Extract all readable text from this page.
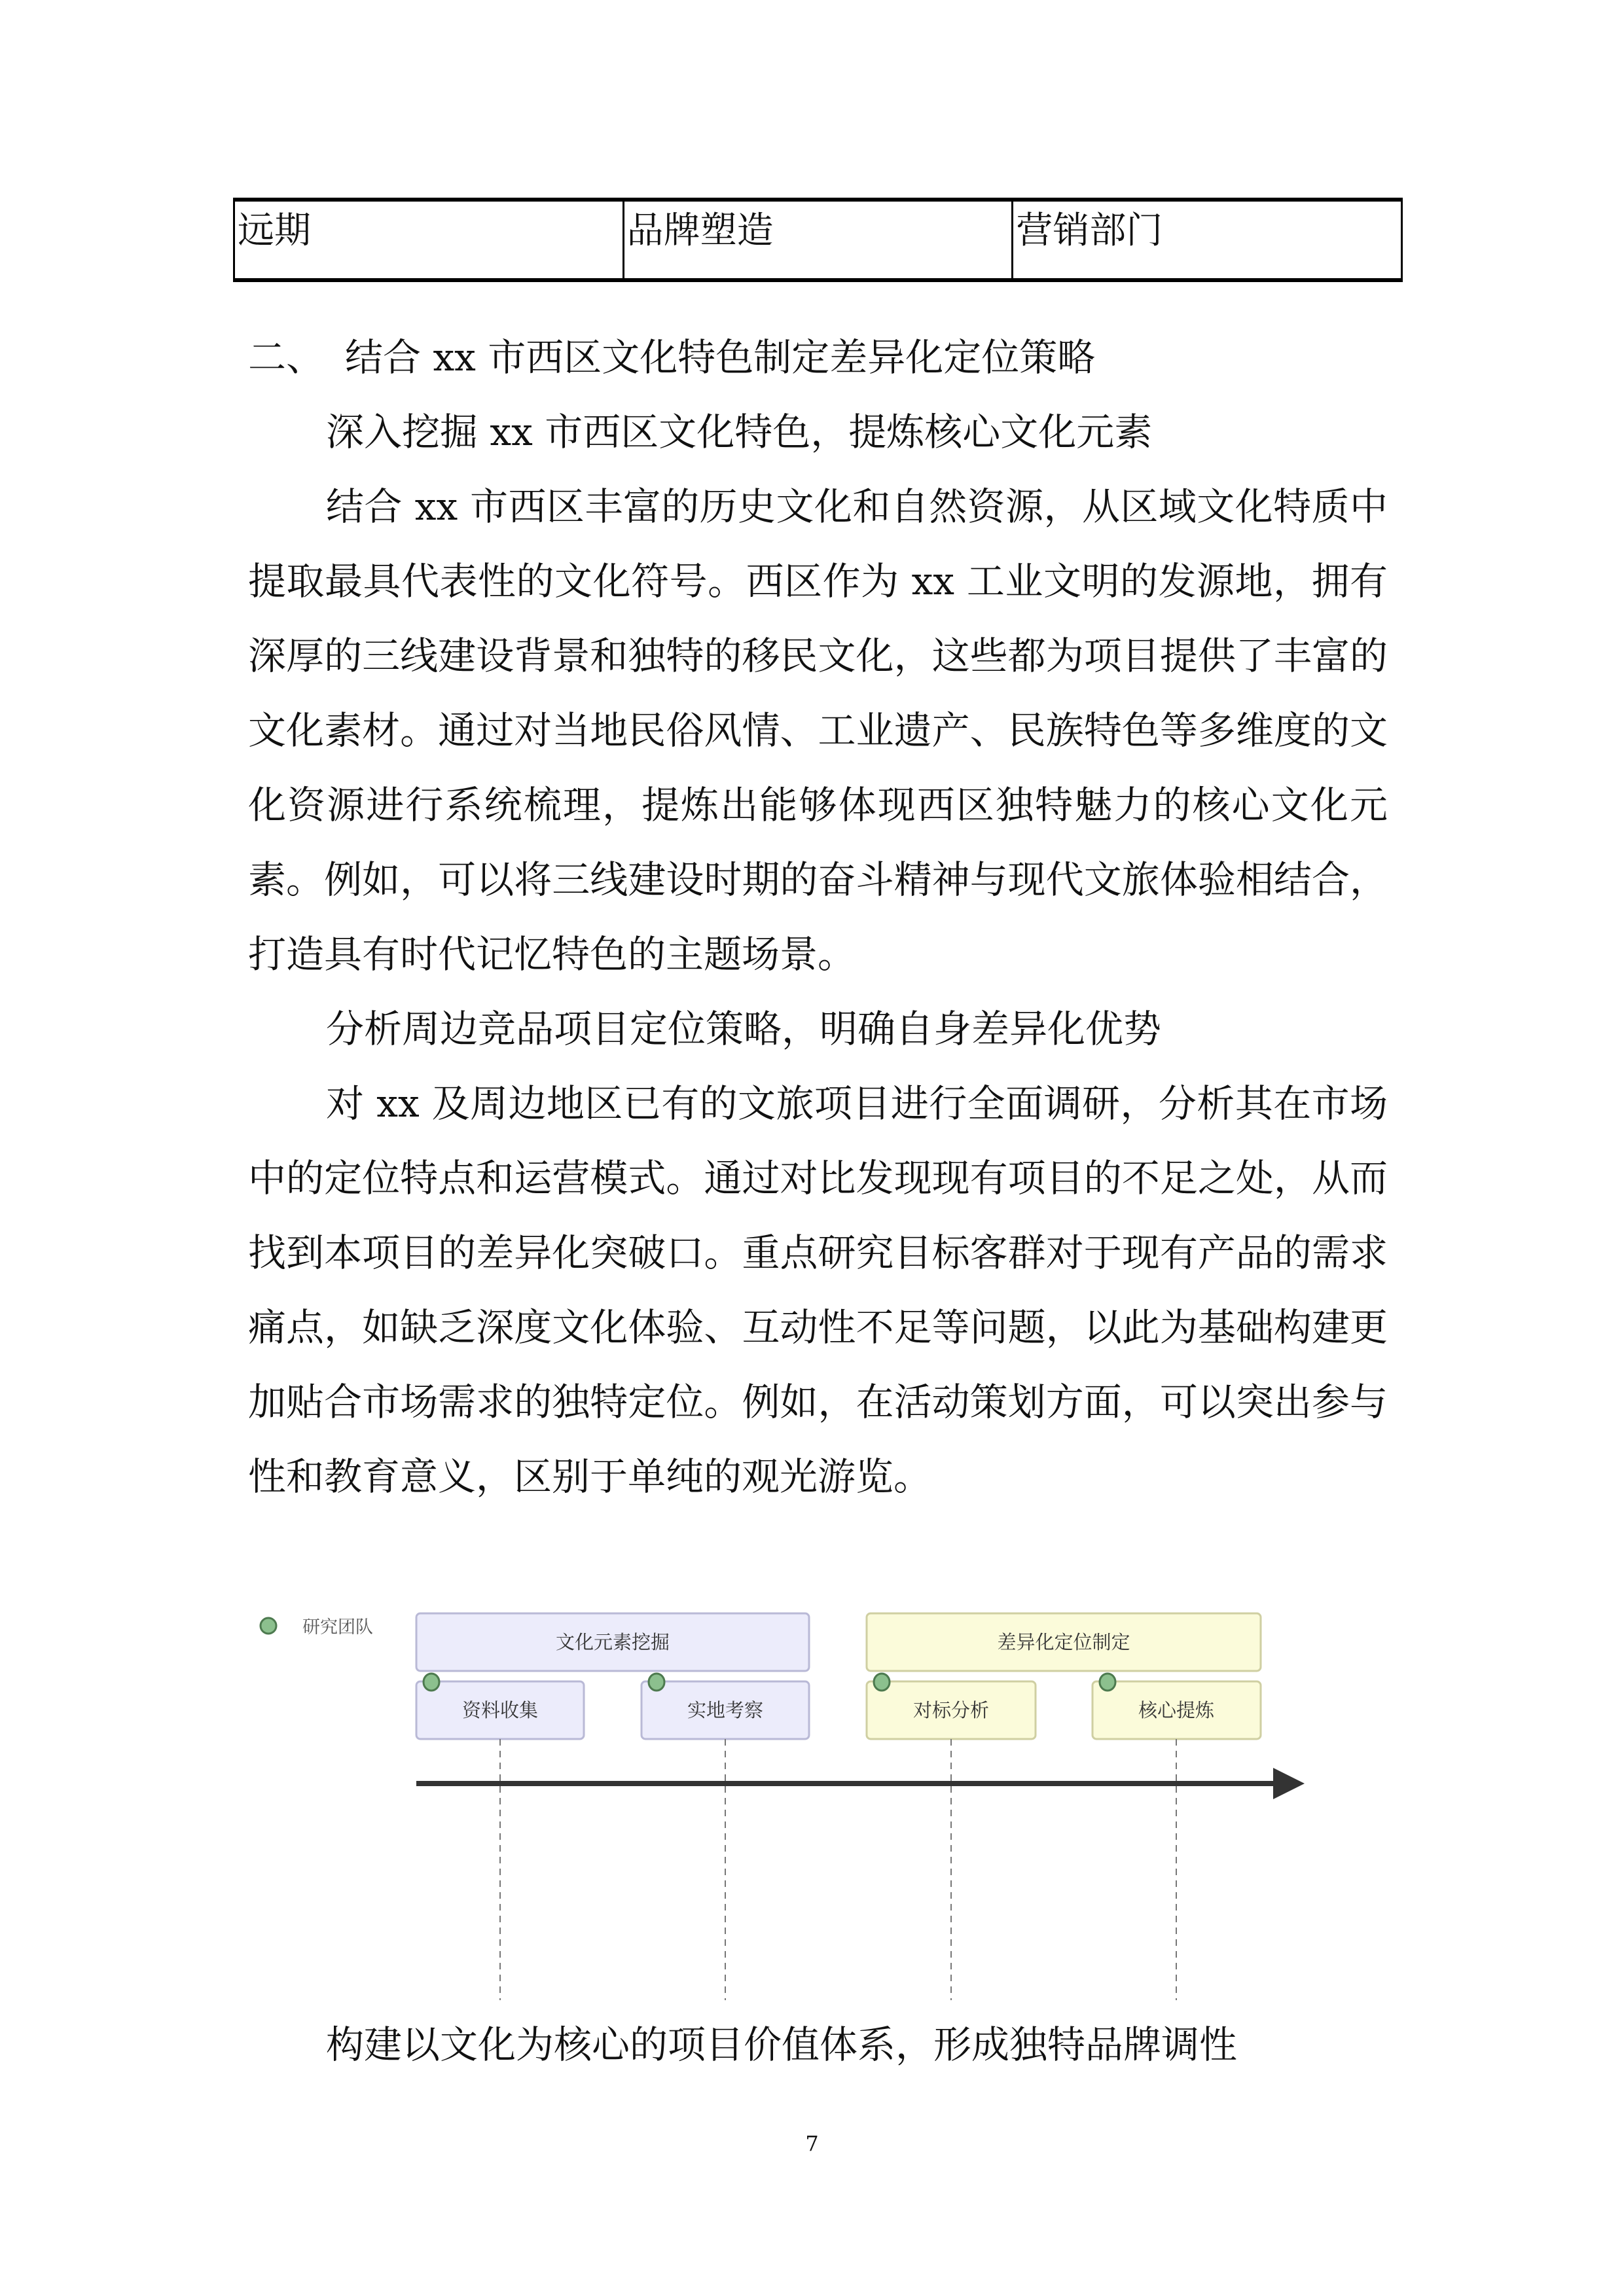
远期	品牌塑造	营销部门
二、 结合 xx 市西区文化特色制定差异化定位策略

深入挖掘 xx 市西区文化特色，提炼核心文化元素

结合 xx 市西区丰富的历史文化和自然资源，从区域文化特质中提取最具代表性的文化符号。西区作为 xx 工业文明的发源地，拥有深厚的三线建设背景和独特的移民文化，这些都为项目提供了丰富的文化素材。通过对当地民俗风情、工业遗产、民族特色等多维度的文化资源进行系统梳理，提炼出能够体现西区独特魅力的核心文化元素。例如，可以将三线建设时期的奋斗精神与现代文旅体验相结合，打造具有时代记忆特色的主题场景。

分析周边竞品项目定位策略，明确自身差异化优势

对 xx 及周边地区已有的文旅项目进行全面调研，分析其在市场中的定位特点和运营模式。通过对比发现现有项目的不足之处，从而找到本项目的差异化突破口。重点研究目标客群对于现有产品的需求痛点，如缺乏深度文化体验、互动性不足等问题，以此为基础构建更加贴合市场需求的独特定位。例如，在活动策划方面，可以突出参与性和教育意义，区别于单纯的观光游览。

研究团队
文化元素挖掘	差异化定位制定
资料收集	实地考察	对标分析	核心提炼
构建以文化为核心的项目价值体系，形成独特品牌调性
7
